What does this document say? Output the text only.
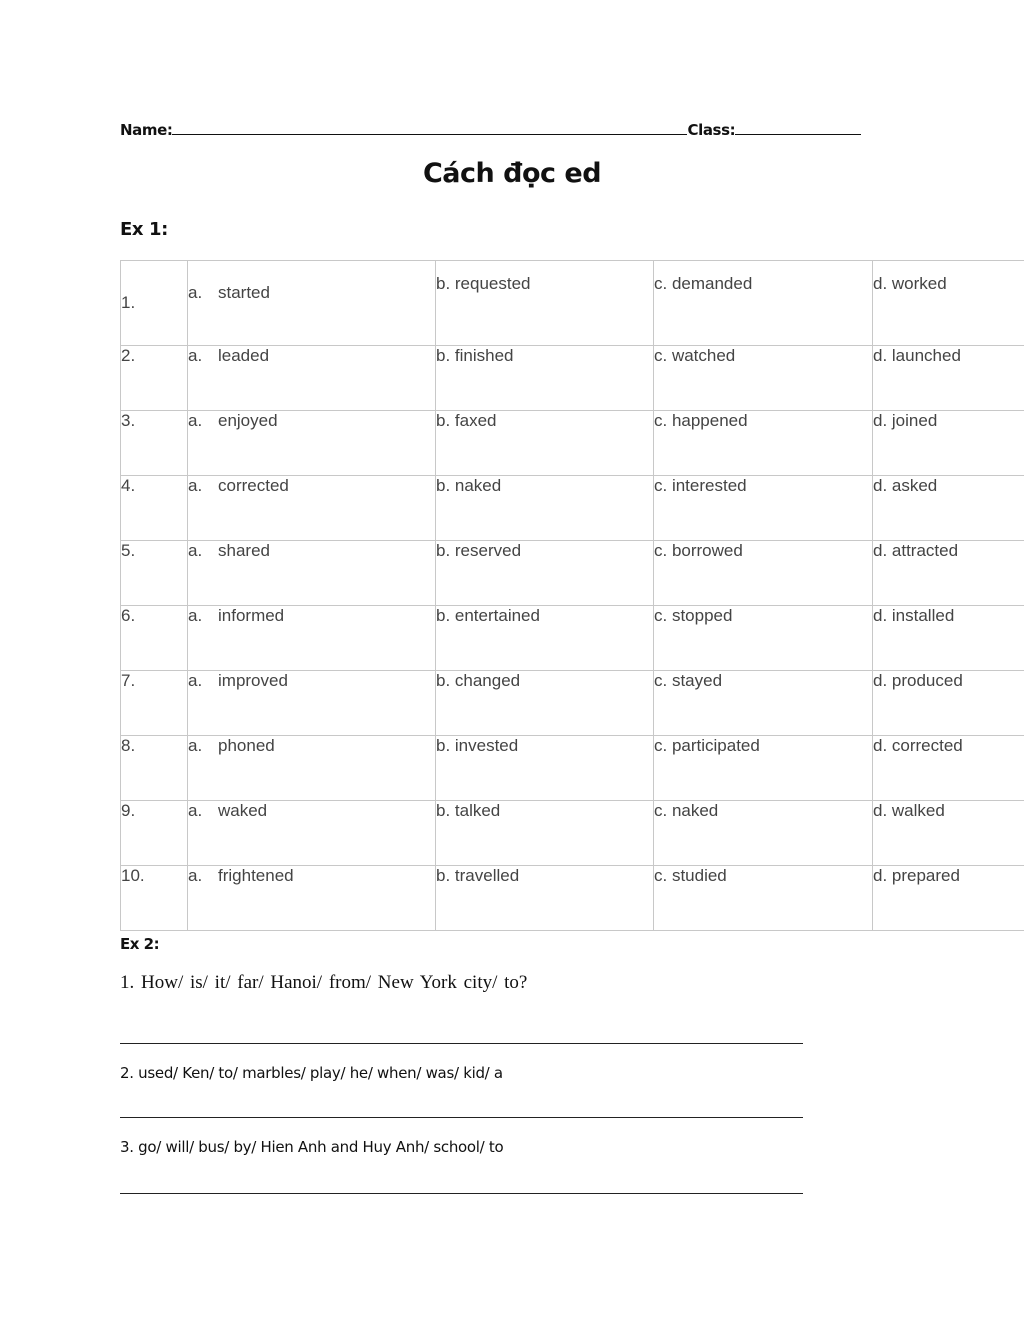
Name:	Class:
Cách đọc ed
Ex 1:
1.	a. started	b. requested	c. demanded	d. worked
2.	a. leaded	b. finished	c. watched	d. launched
3.	a. enjoyed	b. faxed	c. happened	d. joined
4.	a. corrected	b. naked	c. interested	d. asked
5.	a. shared	b. reserved	c. borrowed	d. attracted
6.	a. informed	b. entertained	c. stopped	d. installed
7.	a. improved	b. changed	c. stayed	d. produced
8.	a. phoned	b. invested	c. participated	d. corrected
9.	a. waked	b. talked	c. naked	d. walked
10.	a. frightened	b. travelled	c. studied	d. prepared
Ex 2:
1. How/ is/ it/ far/ Hanoi/ from/ New York city/ to?
2. used/ Ken/ to/ marbles/ play/ he/ when/ was/ kid/ a
3. go/ will/ bus/ by/ Hien Anh and Huy Anh/ school/ to
